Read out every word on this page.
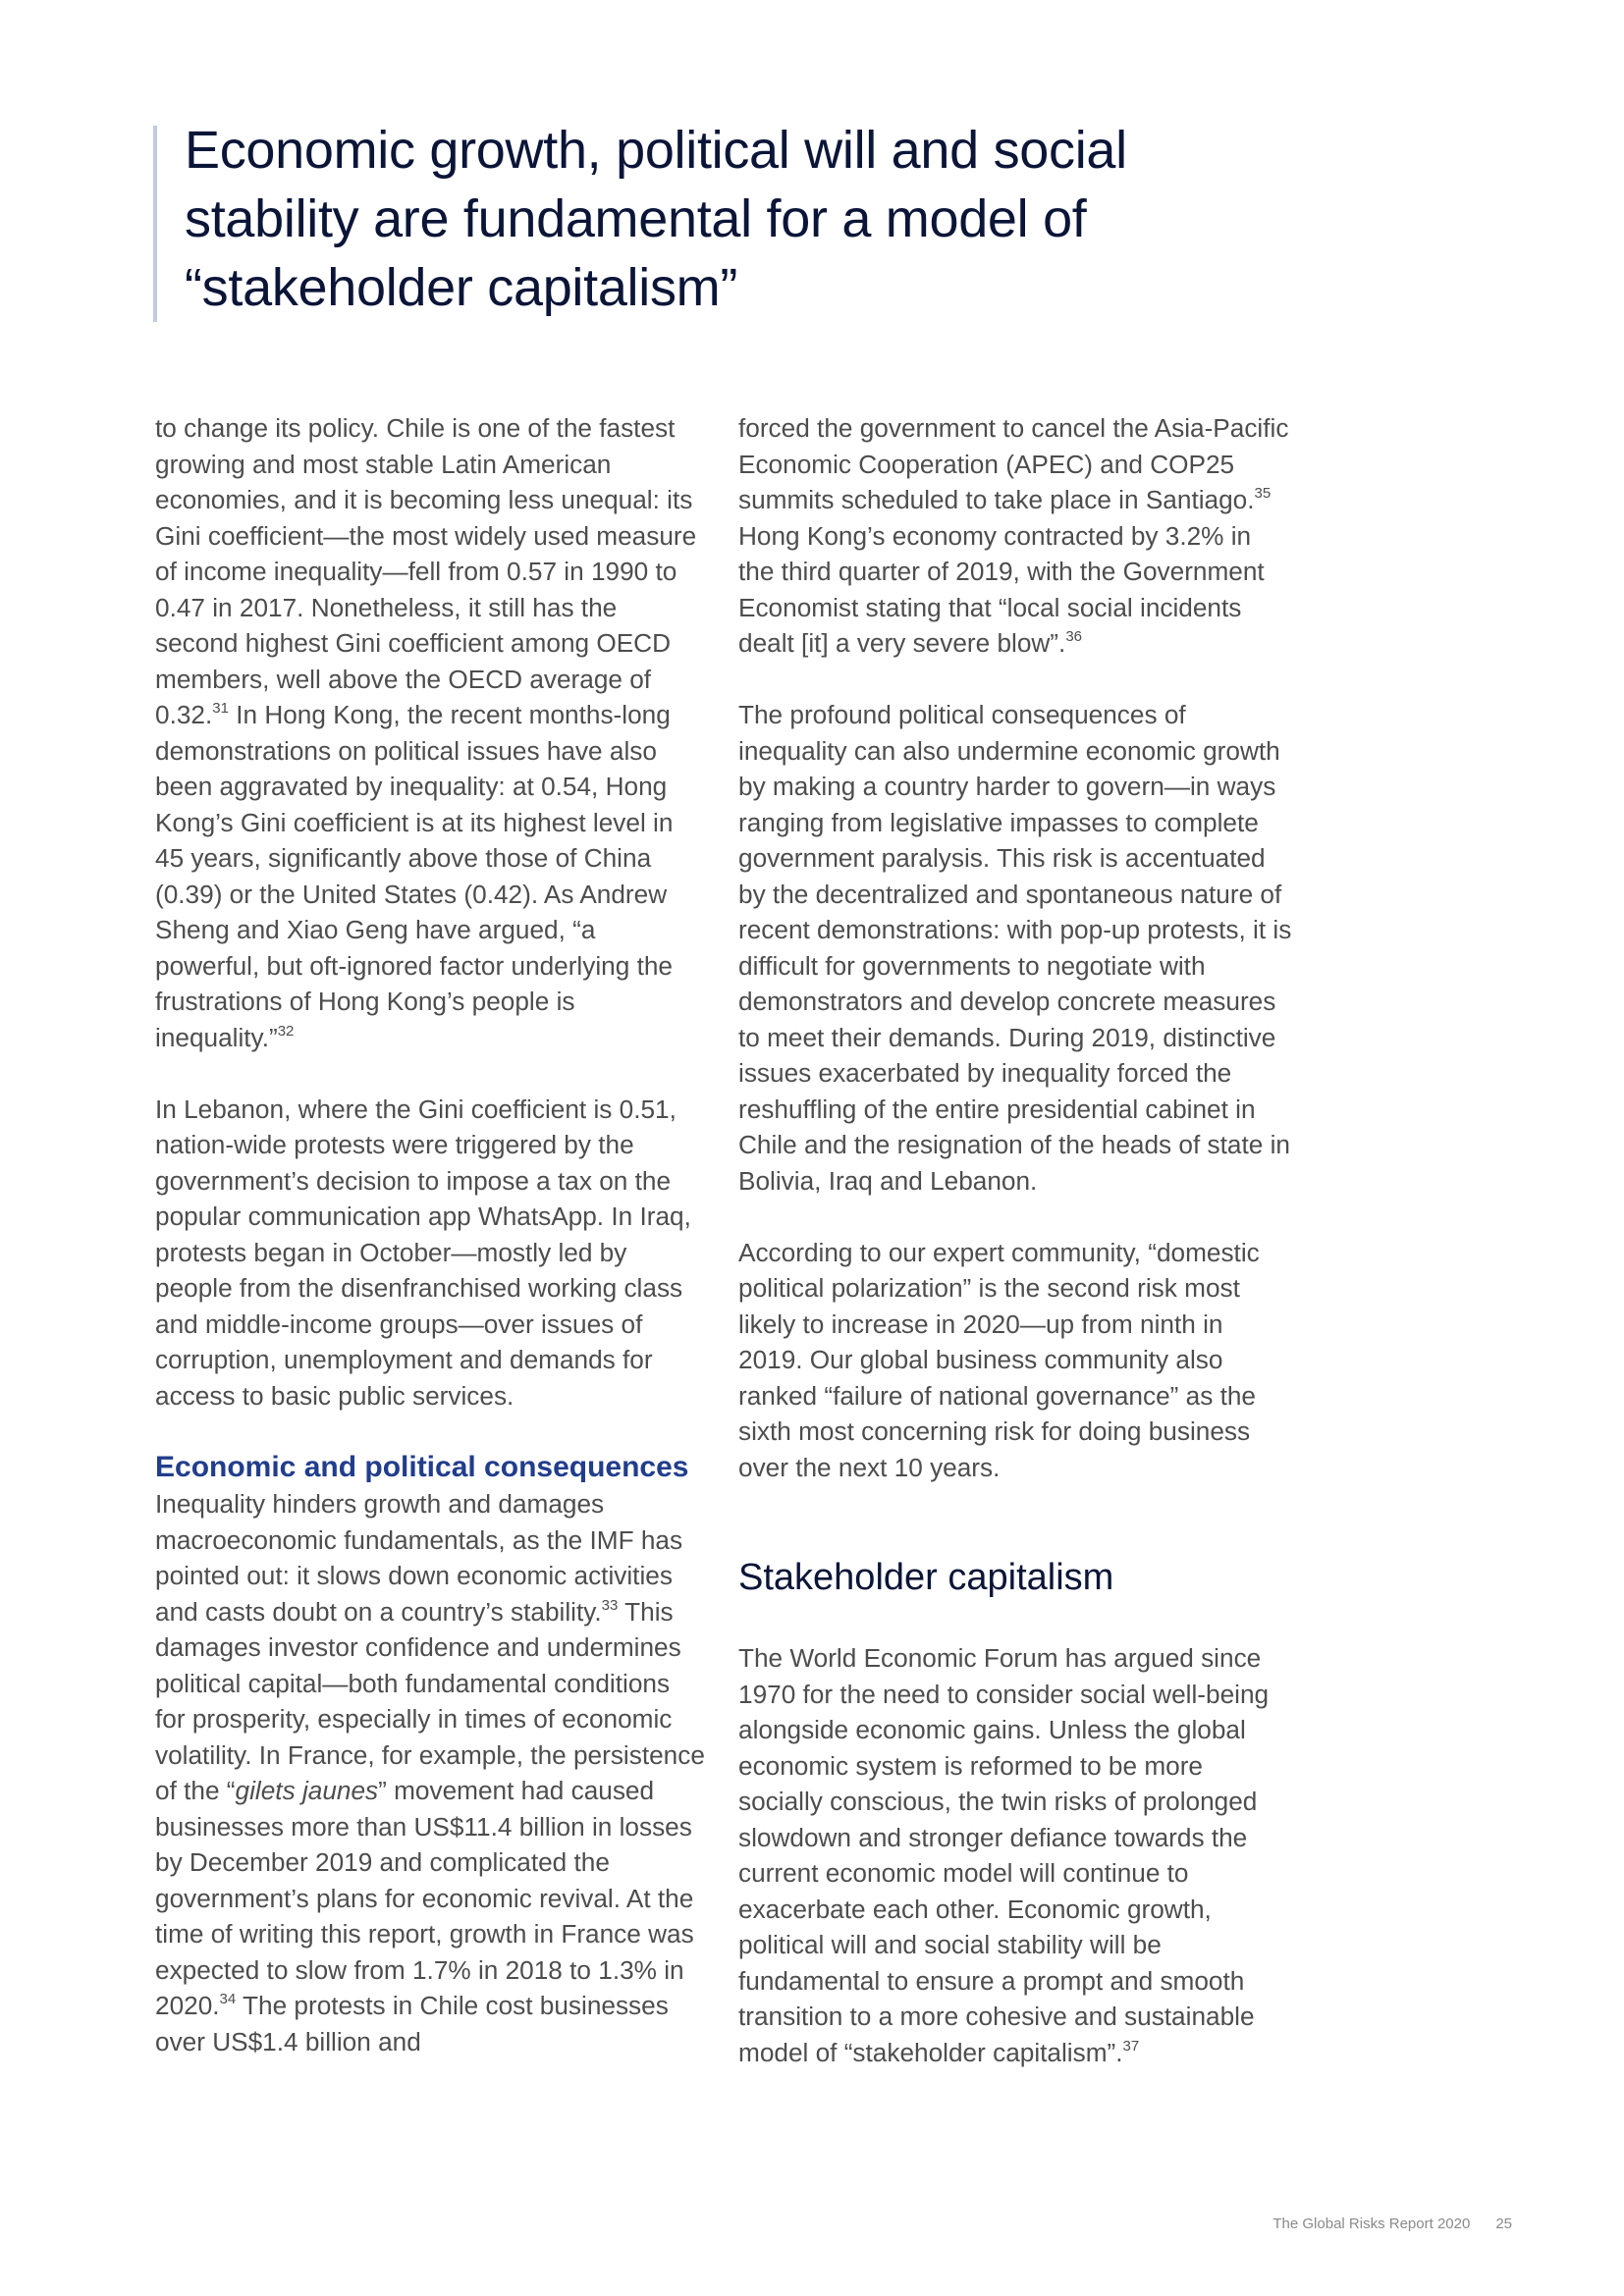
Economic growth, political will and social
stability are fundamental for a model of
“stakeholder capitalism”

to change its policy. Chile is one of the fastest growing and most stable Latin American economies, and it is becoming less unequal: its Gini coefficient—the most widely used measure of income inequality—fell from 0.57 in 1990 to 0.47 in 2017. Nonetheless, it still has the second highest Gini coefficient among OECD members, well above the OECD average of 0.32.31 In Hong Kong, the recent months-long demonstrations on political issues have also been aggravated by inequality: at 0.54, Hong Kong’s Gini coefficient is at its highest level in 45 years, significantly above those of China (0.39) or the United States (0.42). As Andrew Sheng and Xiao Geng have argued, “a powerful, but oft-ignored factor underlying the frustrations of Hong Kong’s people is inequality.”$^{32}$

In Lebanon, where the Gini coefficient is 0.51, nation-wide protests were triggered by the government’s decision to impose a tax on the popular communication app WhatsApp. In Iraq, protests began in October—mostly led by people from the disenfranchised working class and middle-income groups—over issues of corruption, unemployment and demands for access to basic public services.

Economic and political consequences

Inequality hinders growth and damages macroeconomic fundamentals, as the IMF has pointed out: it slows down economic activities and casts doubt on a country’s stability.$^{33}$ This damages investor confidence and undermines political capital—both fundamental conditions for prosperity, especially in times of economic volatility. In France, for example, the persistence of the “gilets jaunes” movement had caused businesses more than US$11.4 billion in losses by December 2019 and complicated the government’s plans for economic revival. At the time of writing this report, growth in France was expected to slow from 1.7% in 2018 to 1.3% in 2020.34 The protests in Chile cost businesses over US$1.4 billion and

forced the government to cancel the Asia-Pacific Economic Cooperation (APEC) and COP25 summits scheduled to take place in Santiago.$^{35}$ Hong Kong’s economy contracted by 3.2% in the third quarter of 2019, with the Government Economist stating that “local social incidents dealt [it] a very severe blow”.$^{36}$

The profound political consequences of inequality can also undermine economic growth by making a country harder to govern—in ways ranging from legislative impasses to complete government paralysis. This risk is accentuated by the decentralized and spontaneous nature of recent demonstrations: with pop-up protests, it is difficult for governments to negotiate with demonstrators and develop concrete measures to meet their demands. During 2019, distinctive issues exacerbated by inequality forced the reshuffling of the entire presidential cabinet in Chile and the resignation of the heads of state in Bolivia, Iraq and Lebanon.

According to our expert community, “domestic political polarization” is the second risk most likely to increase in 2020—up from ninth in 2019. Our global business community also ranked “failure of national governance” as the sixth most concerning risk for doing business over the next 10 years.

Stakeholder capitalism

The World Economic Forum has argued since 1970 for the need to consider social well-being alongside economic gains. Unless the global economic system is reformed to be more socially conscious, the twin risks of prolonged slowdown and stronger defiance towards the current economic model will continue to exacerbate each other. Economic growth, political will and social stability will be fundamental to ensure a prompt and smooth transition to a more cohesive and sustainable model of “stakeholder capitalism”.$^{37}$

The Global Risks Report 2020 25
